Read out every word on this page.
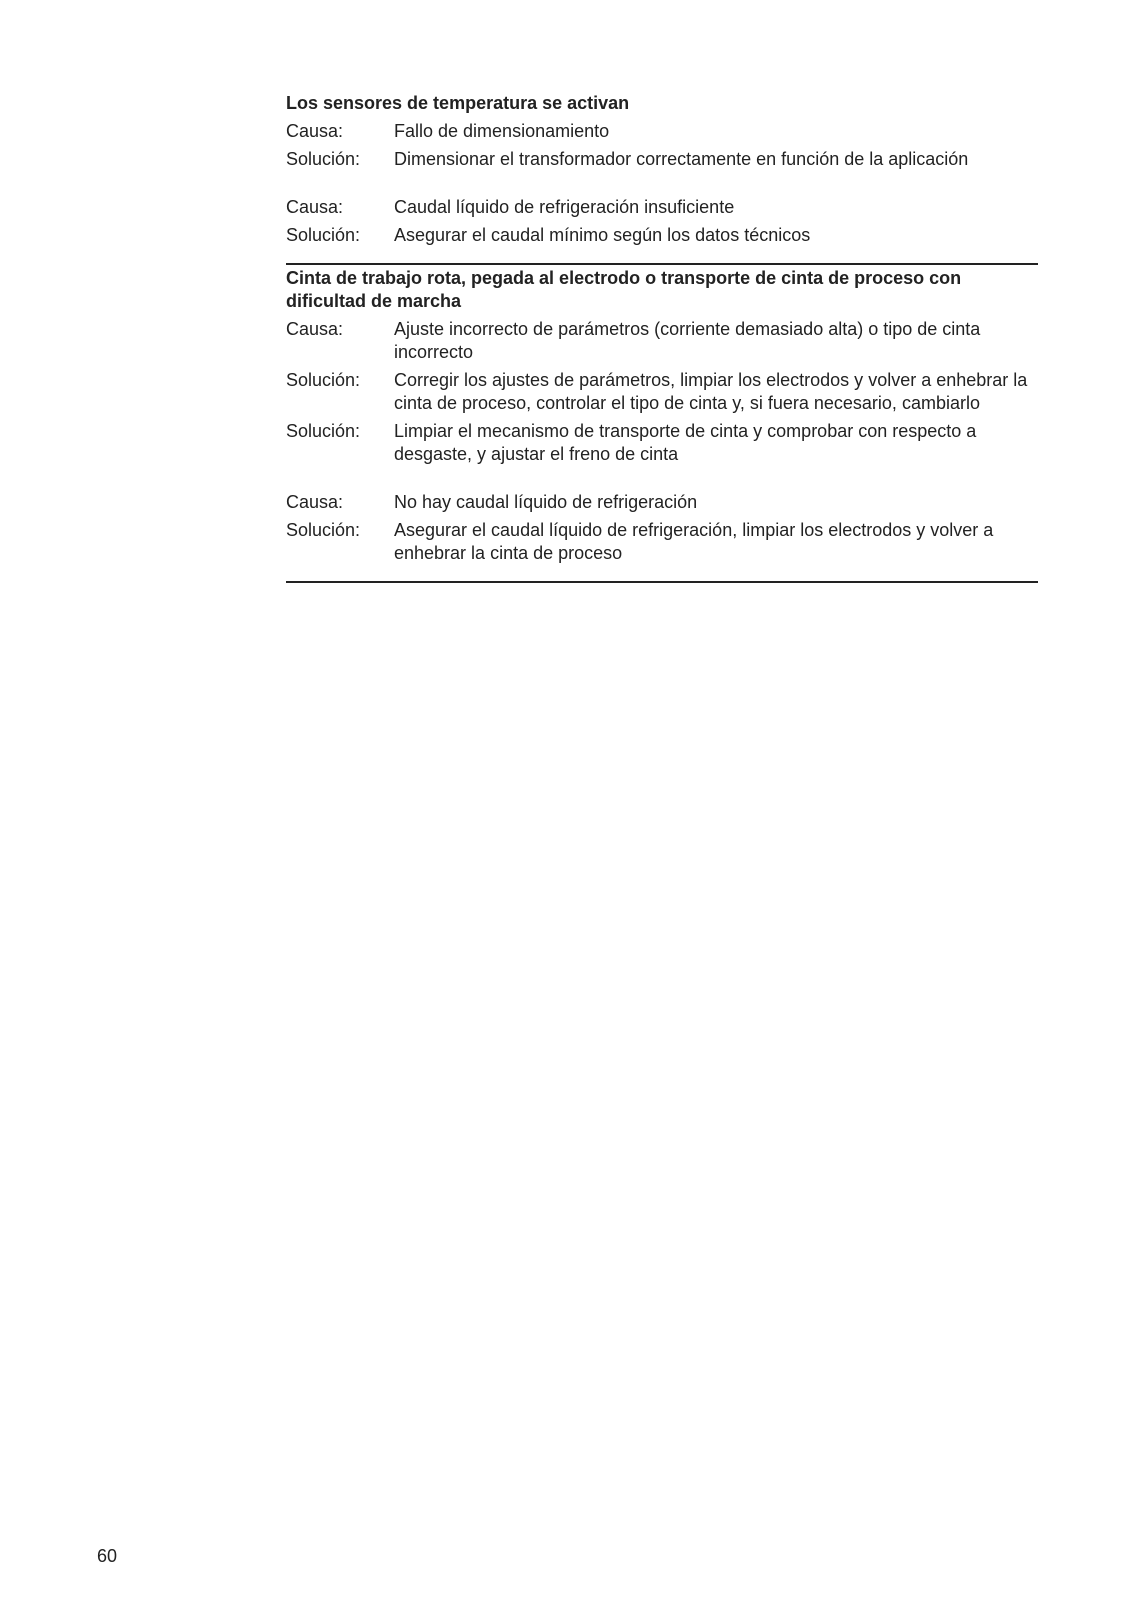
Los sensores de temperatura se activan

Causa:	Fallo de dimensionamiento
Solución:	Dimensionar el transformador correctamente en función de la aplicación
Causa:	Caudal líquido de refrigeración insuficiente
Solución:	Asegurar el caudal mínimo según los datos técnicos

Cinta de trabajo rota, pegada al electrodo o transporte de cinta de proceso con dificultad de marcha

Causa:	Ajuste incorrecto de parámetros (corriente demasiado alta) o tipo de cinta incorrecto
Solución:	Corregir los ajustes de parámetros, limpiar los electrodos y volver a enhebrar la cinta de proceso, controlar el tipo de cinta y, si fuera necesario, cambiarlo
Solución:	Limpiar el mecanismo de transporte de cinta y comprobar con respecto a desgaste, y ajustar el freno de cinta
Causa:	No hay caudal líquido de refrigeración
Solución:	Asegurar el caudal líquido de refrigeración, limpiar los electrodos y volver a enhebrar la cinta de proceso
60
